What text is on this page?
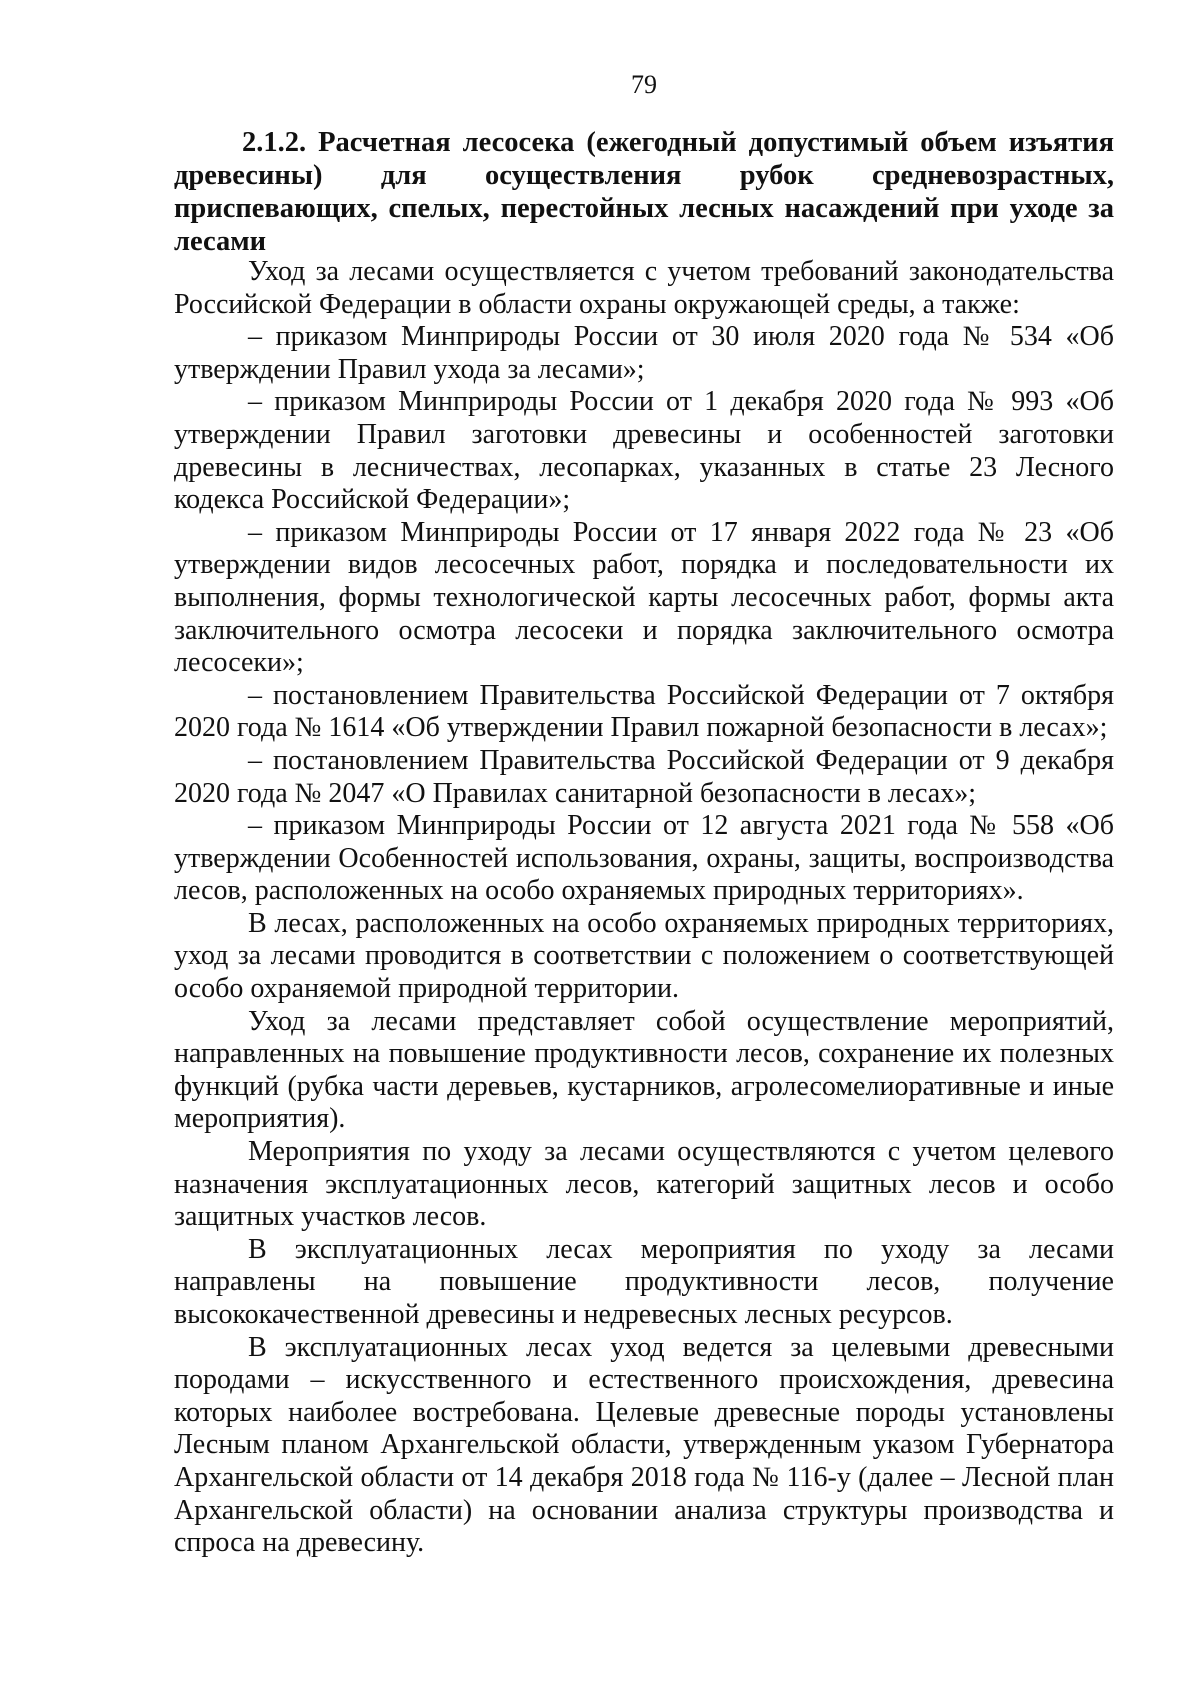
79
2.1.2. Расчетная лесосека (ежегодный допустимый объем изъятия древесины) для осуществления рубок средневозрастных, приспевающих, спелых, перестойных лесных насаждений при уходе за лесами

Уход за лесами осуществляется с учетом требований законодательства Российской Федерации в области охраны окружающей среды, а также:

– приказом Минприроды России от 30 июля 2020 года № 534 «Об утверждении Правил ухода за лесами»;

– приказом Минприроды России от 1 декабря 2020 года № 993 «Об утверждении Правил заготовки древесины и особенностей заготовки древесины в лесничествах, лесопарках, указанных в статье 23 Лесного кодекса Российской Федерации»;

– приказом Минприроды России от 17 января 2022 года № 23 «Об утверждении видов лесосечных работ, порядка и последовательности их выполнения, формы технологической карты лесосечных работ, формы акта заключительного осмотра лесосеки и порядка заключительного осмотра лесосеки»;

– постановлением Правительства Российской Федерации от 7 октября 2020 года № 1614 «Об утверждении Правил пожарной безопасности в лесах»;

– постановлением Правительства Российской Федерации от 9 декабря 2020 года № 2047 «О Правилах санитарной безопасности в лесах»;

– приказом Минприроды России от 12 августа 2021 года № 558 «Об утверждении Особенностей использования, охраны, защиты, воспроизводства лесов, расположенных на особо охраняемых природных территориях».

В лесах, расположенных на особо охраняемых природных территориях, уход за лесами проводится в соответствии с положением о соответствующей особо охраняемой природной территории.

Уход за лесами представляет собой осуществление мероприятий, направленных на повышение продуктивности лесов, сохранение их полезных функций (рубка части деревьев, кустарников, агролесомелиоративные и иные мероприятия).

Мероприятия по уходу за лесами осуществляются с учетом целевого назначения эксплуатационных лесов, категорий защитных лесов и особо защитных участков лесов.

В эксплуатационных лесах мероприятия по уходу за лесами направлены на повышение продуктивности лесов, получение высококачественной древесины и недревесных лесных ресурсов.

В эксплуатационных лесах уход ведется за целевыми древесными породами – искусственного и естественного происхождения, древесина которых наиболее востребована. Целевые древесные породы установлены Лесным планом Архангельской области, утвержденным указом Губернатора Архангельской области от 14 декабря 2018 года № 116-у (далее – Лесной план Архангельской области) на основании анализа структуры производства и спроса на древесину.
